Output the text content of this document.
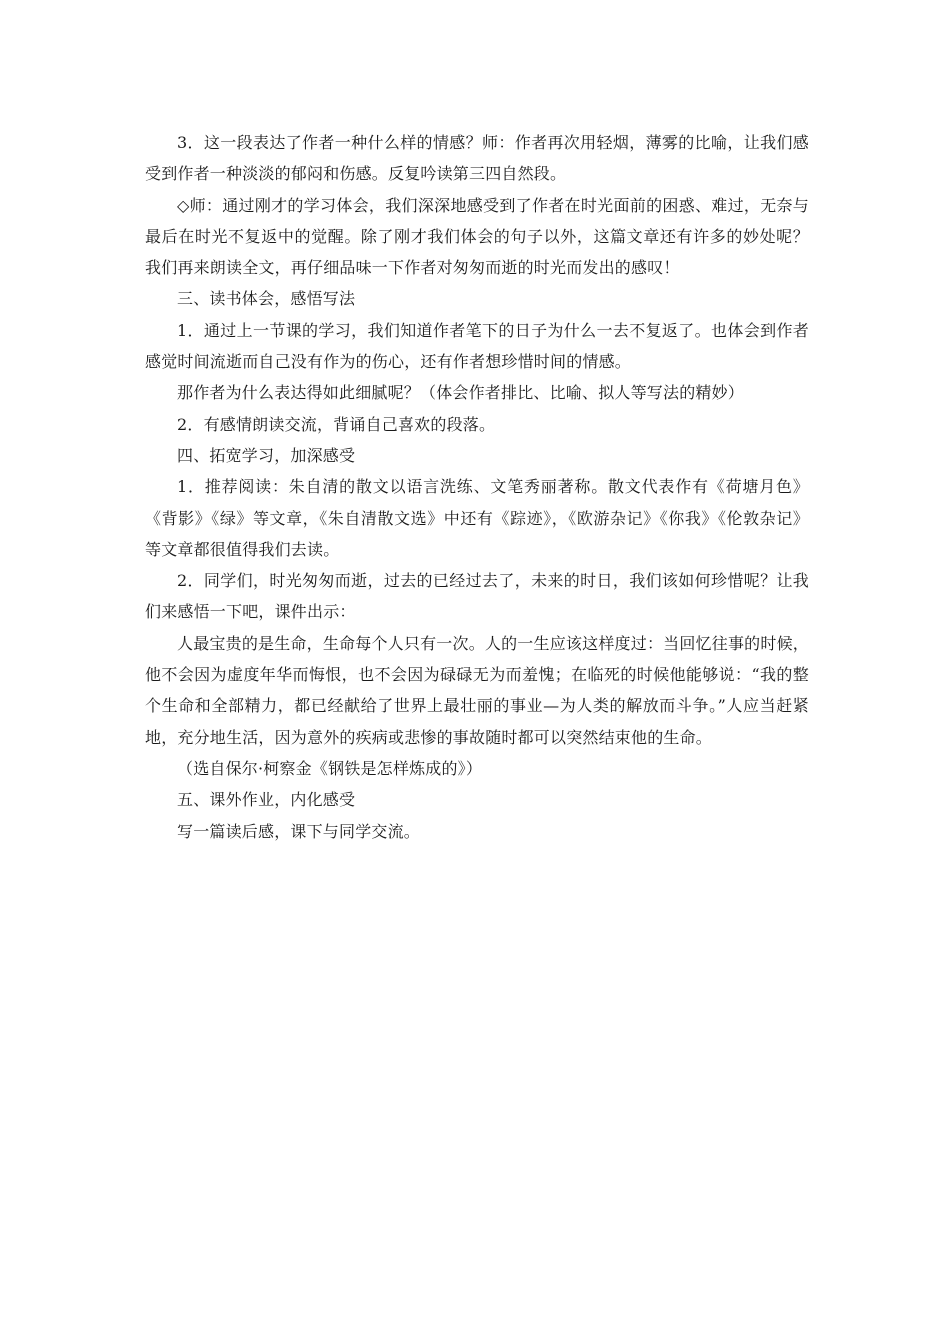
3．这一段表达了作者一种什么样的情感？师：作者再次用轻烟，薄雾的比喻，让我们感受到作者一种淡淡的郁闷和伤感。反复吟读第三四自然段。

◇师：通过刚才的学习体会，我们深深地感受到了作者在时光面前的困惑、难过，无奈与最后在时光不复返中的觉醒。除了刚才我们体会的句子以外，这篇文章还有许多的妙处呢？我们再来朗读全文，再仔细品味一下作者对匆匆而逝的时光而发出的感叹！

三、读书体会，感悟写法

1．通过上一节课的学习，我们知道作者笔下的日子为什么一去不复返了。也体会到作者感觉时间流逝而自己没有作为的伤心，还有作者想珍惜时间的情感。

那作者为什么表达得如此细腻呢？（体会作者排比、比喻、拟人等写法的精妙）

2．有感情朗读交流，背诵自己喜欢的段落。

四、拓宽学习，加深感受

1．推荐阅读：朱自清的散文以语言洗练、文笔秀丽著称。散文代表作有《荷塘月色》《背影》《绿》等文章，《朱自清散文选》中还有《踪迹》，《欧游杂记》《你我》《伦敦杂记》等文章都很值得我们去读。

2．同学们，时光匆匆而逝，过去的已经过去了，未来的时日，我们该如何珍惜呢？让我们来感悟一下吧，课件出示：

人最宝贵的是生命，生命每个人只有一次。人的一生应该这样度过：当回忆往事的时候，他不会因为虚度年华而悔恨，也不会因为碌碌无为而羞愧；在临死的时候他能够说：“我的整个生命和全部精力，都已经献给了世界上最壮丽的事业—为人类的解放而斗争。”人应当赶紧地，充分地生活，因为意外的疾病或悲惨的事故随时都可以突然结束他的生命。

（选自保尔·柯察金《钢铁是怎样炼成的》）

五、课外作业，内化感受

写一篇读后感，课下与同学交流。
